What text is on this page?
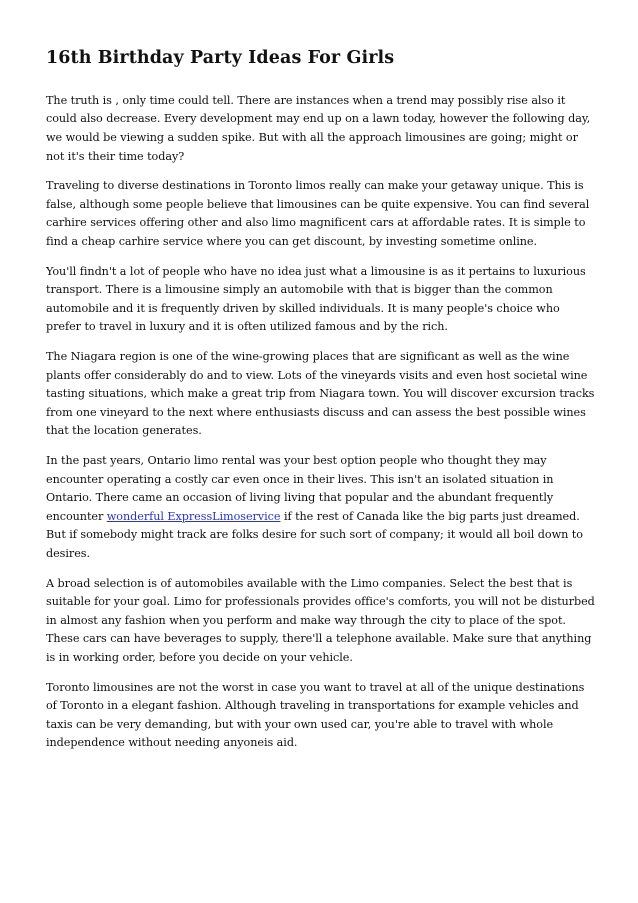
16th Birthday Party Ideas For Girls

The truth is , only time could tell. There are instances when a trend may possibly rise also it could also decrease. Every development may end up on a lawn today, however the following day, we would be viewing a sudden spike. But with all the approach limousines are going; might or not it's their time today?

Traveling to diverse destinations in Toronto limos really can make your getaway unique. This is false, although some people believe that limousines can be quite expensive. You can find several carhire services offering other and also limo magnificent cars at affordable rates. It is simple to find a cheap carhire service where you can get discount, by investing sometime online.

You'll findn't a lot of people who have no idea just what a limousine is as it pertains to luxurious transport. There is a limousine simply an automobile with that is bigger than the common automobile and it is frequently driven by skilled individuals. It is many people's choice who prefer to travel in luxury and it is often utilized famous and by the rich.

The Niagara region is one of the wine-growing places that are significant as well as the wine plants offer considerably do and to view. Lots of the vineyards visits and even host societal wine tasting situations, which make a great trip from Niagara town. You will discover excursion tracks from one vineyard to the next where enthusiasts discuss and can assess the best possible wines that the location generates.

In the past years, Ontario limo rental was your best option people who thought they may encounter operating a costly car even once in their lives. This isn't an isolated situation in Ontario. There came an occasion of living living that popular and the abundant frequently encounter wonderful ExpressLimoservice if the rest of Canada like the big parts just dreamed. But if somebody might track are folks desire for such sort of company; it would all boil down to desires.

A broad selection is of automobiles available with the Limo companies. Select the best that is suitable for your goal. Limo for professionals provides office's comforts, you will not be disturbed in almost any fashion when you perform and make way through the city to place of the spot. These cars can have beverages to supply, there'll a telephone available. Make sure that anything is in working order, before you decide on your vehicle.

Toronto limousines are not the worst in case you want to travel at all of the unique destinations of Toronto in a elegant fashion. Although traveling in transportations for example vehicles and taxis can be very demanding, but with your own used car, you're able to travel with whole independence without needing anyoneis aid.
